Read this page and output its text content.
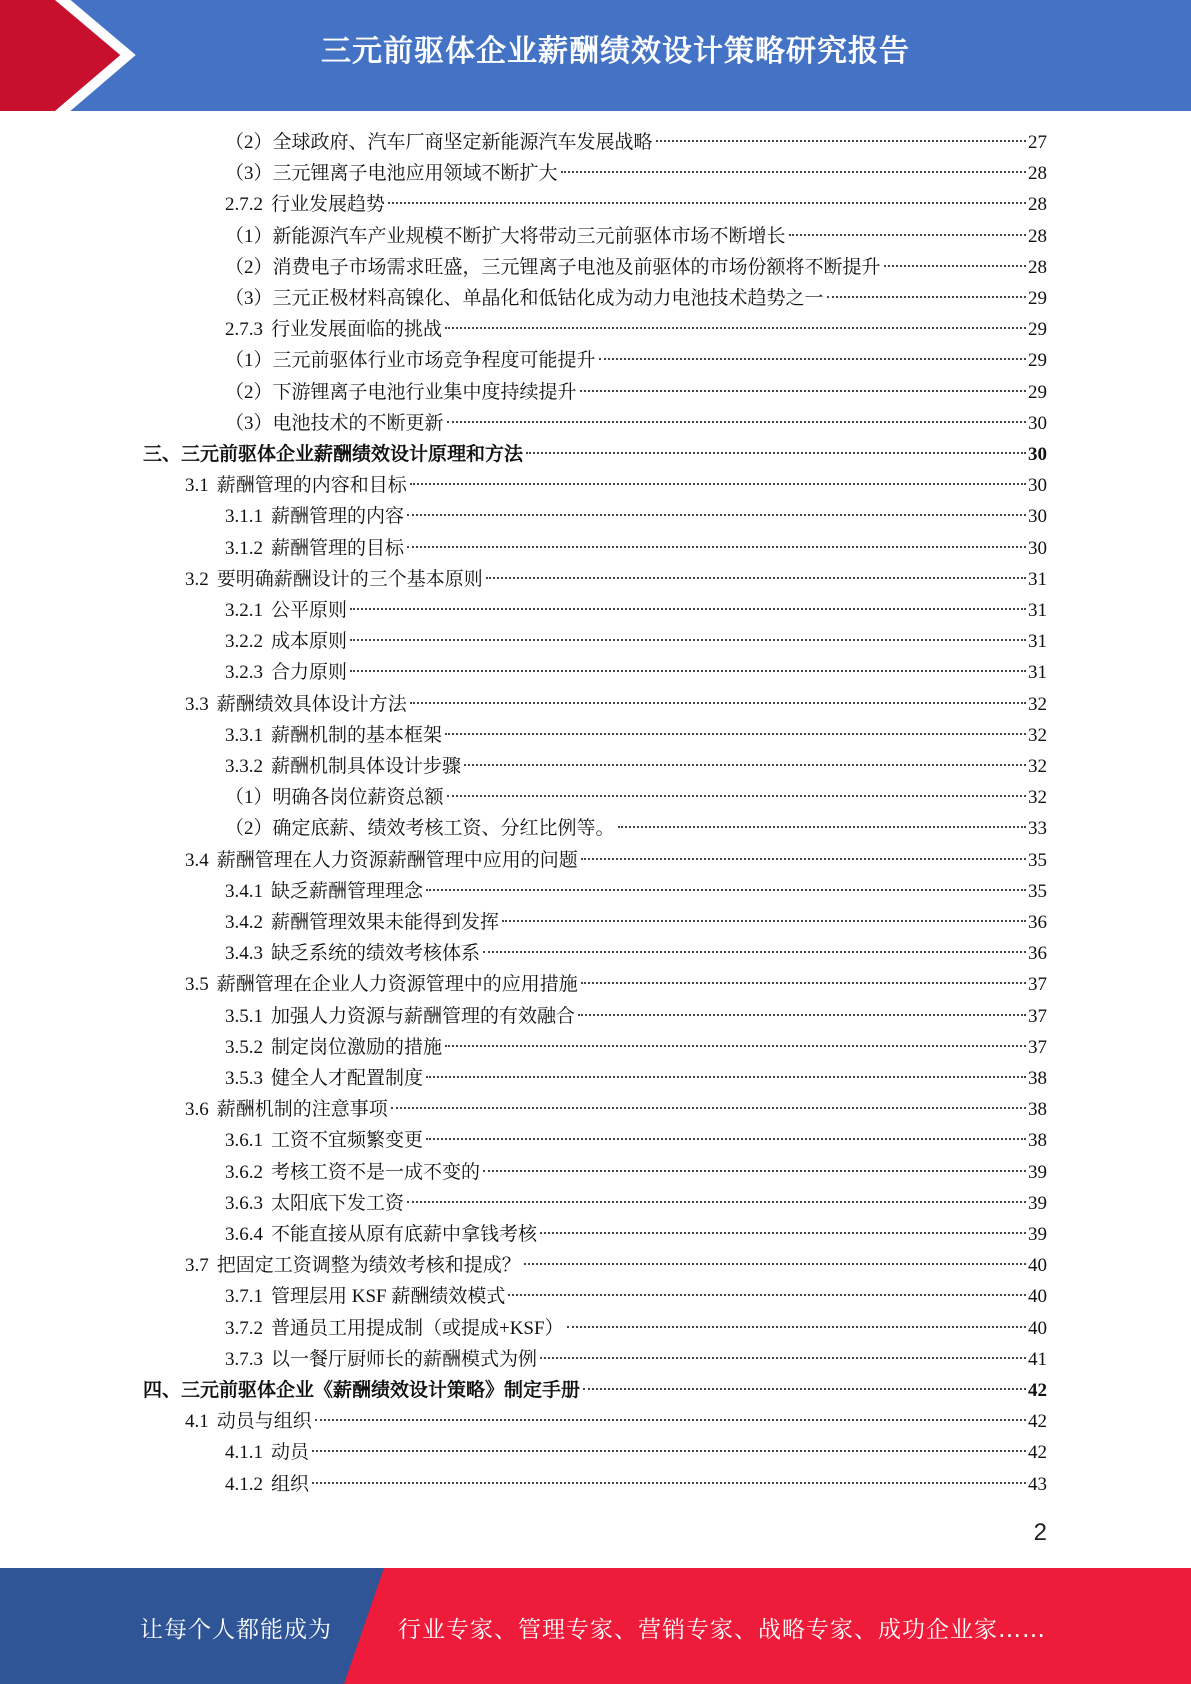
三元前驱体企业薪酬绩效设计策略研究报告
（2）全球政府、汽车厂商坚定新能源汽车发展战略	27
（3）三元锂离子电池应用领域不断扩大	28
2.7.2 行业发展趋势	28
（1）新能源汽车产业规模不断扩大将带动三元前驱体市场不断增长	28
（2）消费电子市场需求旺盛，三元锂离子电池及前驱体的市场份额将不断提升	28
（3）三元正极材料高镍化、单晶化和低钴化成为动力电池技术趋势之一	29
2.7.3 行业发展面临的挑战	29
（1）三元前驱体行业市场竞争程度可能提升	29
（2）下游锂离子电池行业集中度持续提升	29
（3）电池技术的不断更新	30
三、三元前驱体企业薪酬绩效设计原理和方法	30
3.1 薪酬管理的内容和目标	30
3.1.1 薪酬管理的内容	30
3.1.2 薪酬管理的目标	30
3.2 要明确薪酬设计的三个基本原则	31
3.2.1 公平原则	31
3.2.2 成本原则	31
3.2.3 合力原则	31
3.3 薪酬绩效具体设计方法	32
3.3.1 薪酬机制的基本框架	32
3.3.2 薪酬机制具体设计步骤	32
（1）明确各岗位薪资总额	32
（2）确定底薪、绩效考核工资、分红比例等。	33
3.4 薪酬管理在人力资源薪酬管理中应用的问题	35
3.4.1 缺乏薪酬管理理念	35
3.4.2 薪酬管理效果未能得到发挥	36
3.4.3 缺乏系统的绩效考核体系	36
3.5 薪酬管理在企业人力资源管理中的应用措施	37
3.5.1 加强人力资源与薪酬管理的有效融合	37
3.5.2 制定岗位激励的措施	37
3.5.3 健全人才配置制度	38
3.6 薪酬机制的注意事项	38
3.6.1 工资不宜频繁变更	38
3.6.2 考核工资不是一成不变的	39
3.6.3 太阳底下发工资	39
3.6.4 不能直接从原有底薪中拿钱考核	39
3.7 把固定工资调整为绩效考核和提成？	40
3.7.1 管理层用 KSF 薪酬绩效模式	40
3.7.2 普通员工用提成制（或提成+KSF）	40
3.7.3 以一餐厅厨师长的薪酬模式为例	41
四、三元前驱体企业《薪酬绩效设计策略》制定手册	42
4.1 动员与组织	42
4.1.1 动员	42
4.1.2 组织	43
2
让每个人都能成为	行业专家、管理专家、营销专家、战略专家、成功企业家……
